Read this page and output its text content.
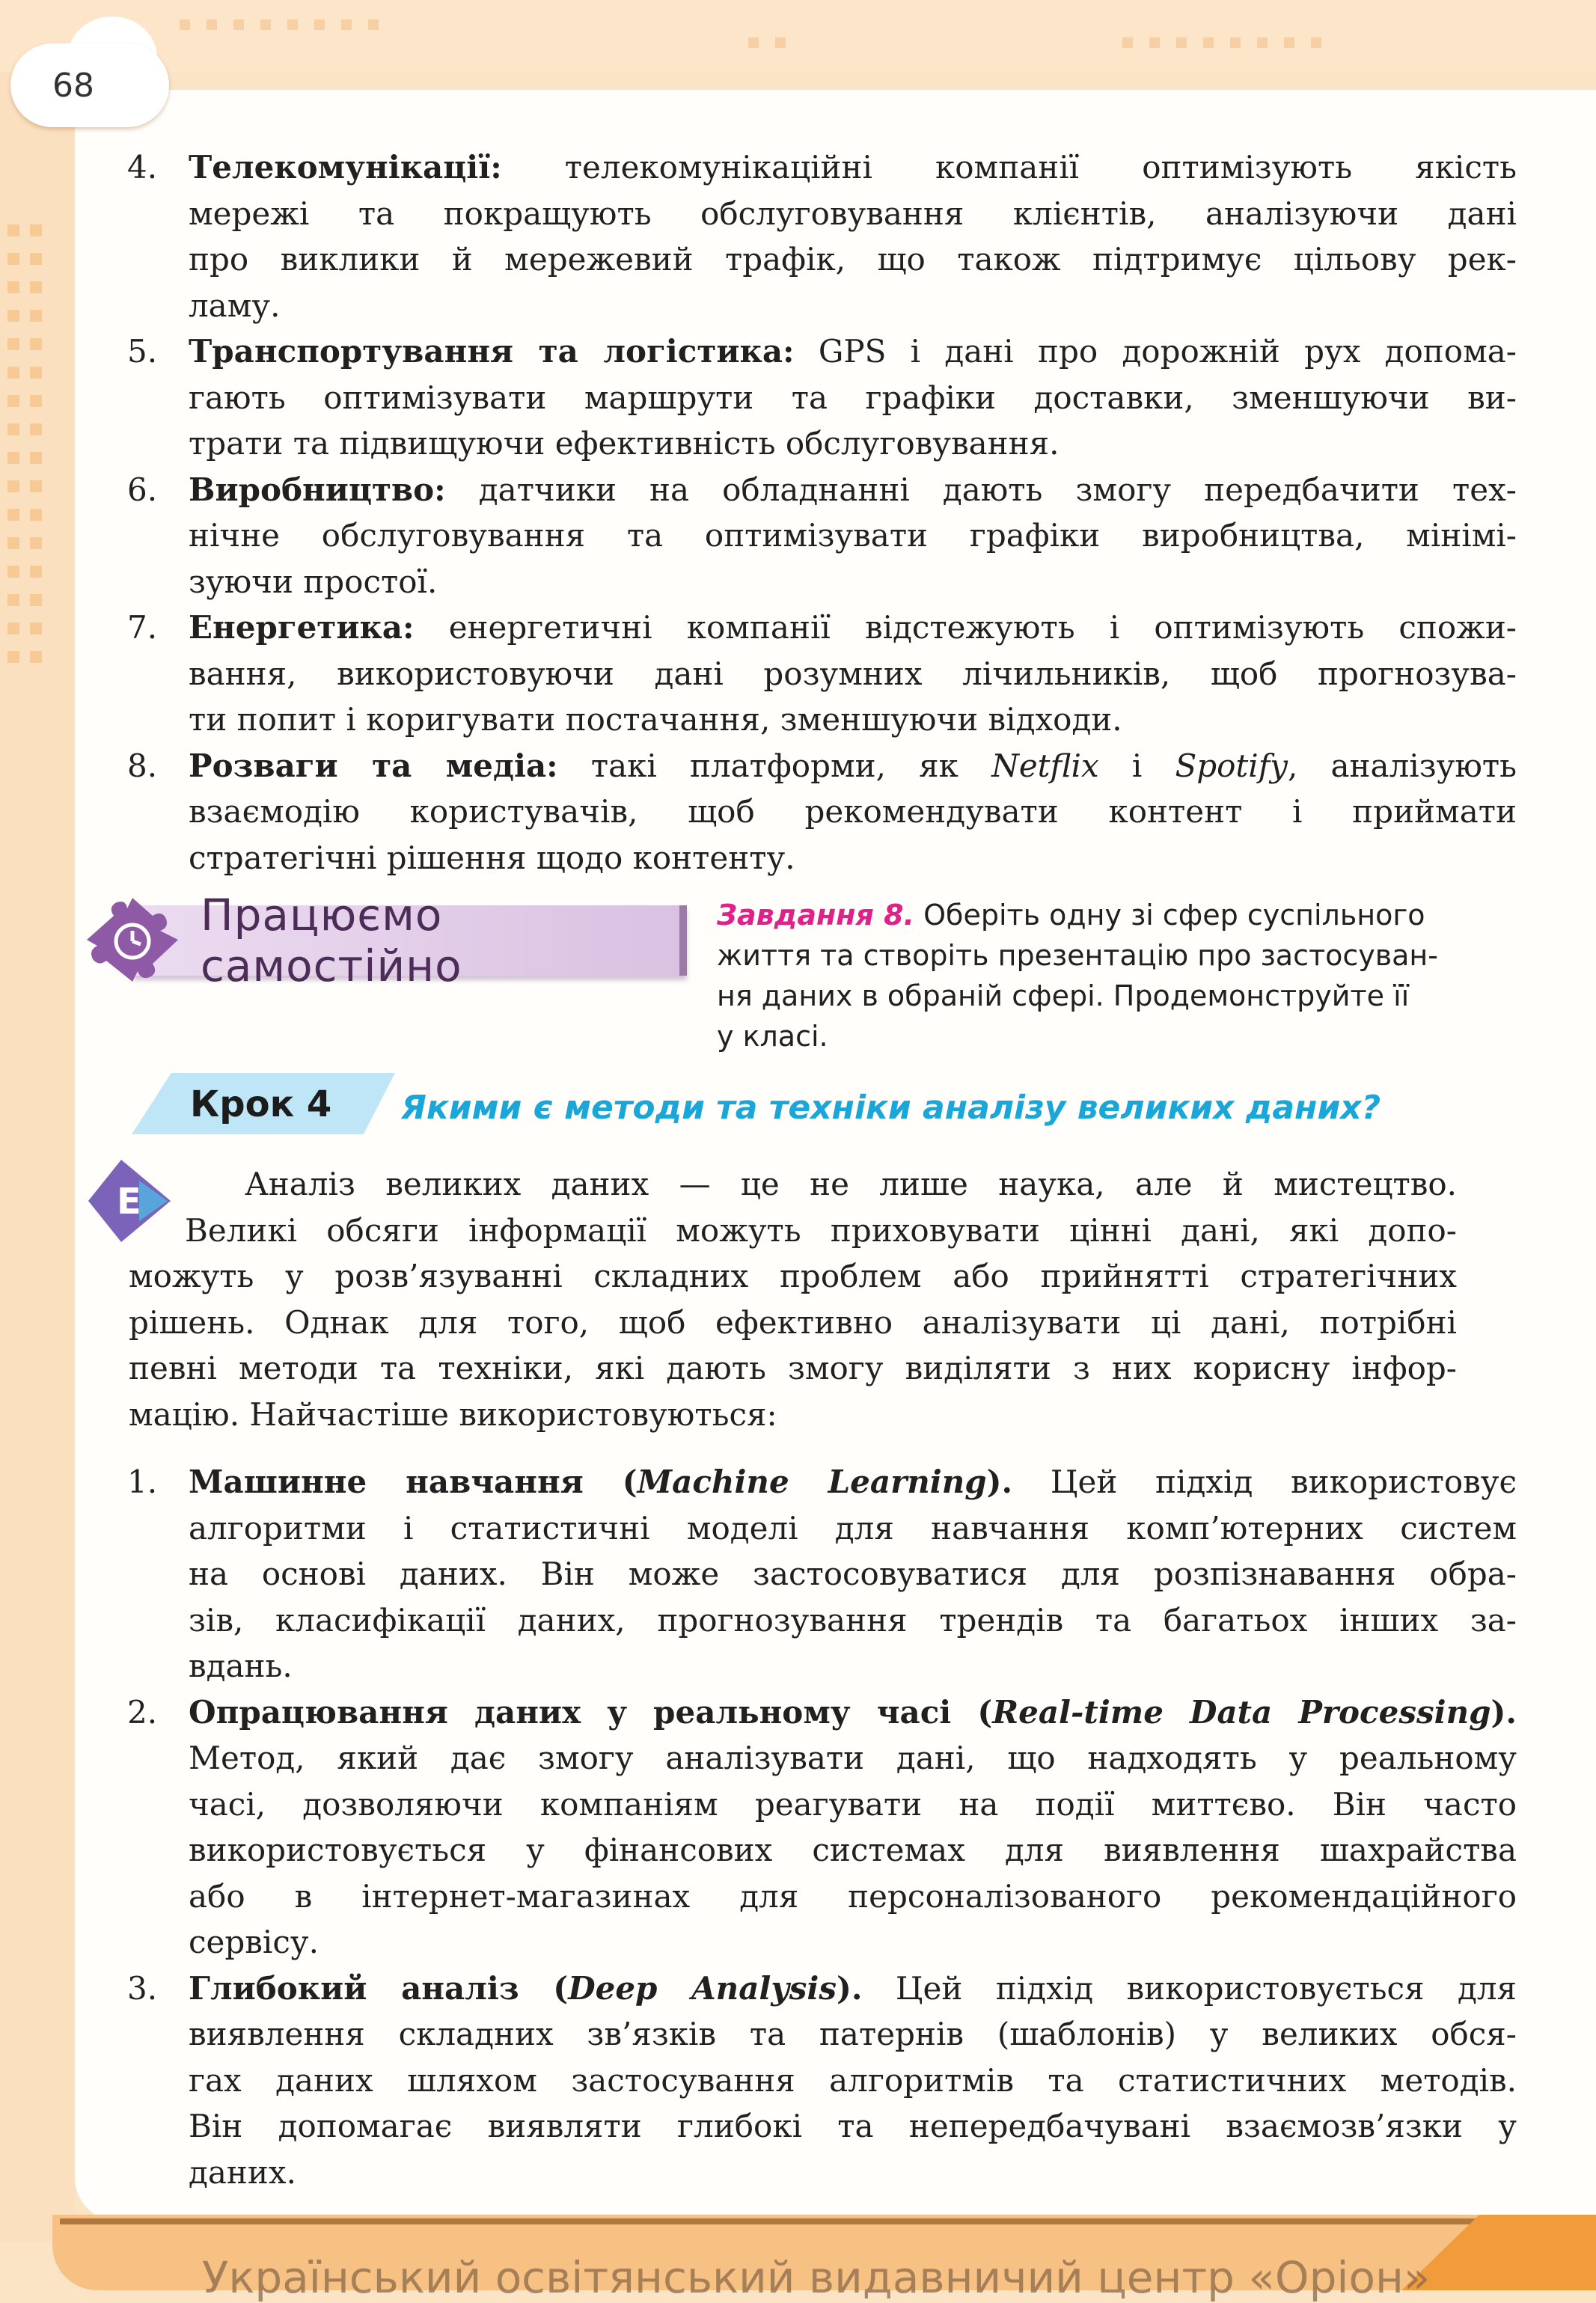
Український освітянський видавничий центр «Оріон»
68
4. Телекомунікації: телекомунікаційні компанії оптимізують якість
мережі та покращують обслуговування клієнтів, аналізуючи дані
про виклики й мережевий трафік, що також підтримує цільову рек-
ламу.
5. Транспортування та логістика: GPS і дані про дорожній рух допома-
гають оптимізувати маршрути та графіки доставки, зменшуючи ви-
трати та підвищуючи ефективність обслуговування.
6. Виробництво: датчики на обладнанні дають змогу передбачити тех-
нічне обслуговування та оптимізувати графіки виробництва, мінімі-
зуючи простої.
7. Енергетика: енергетичні компанії відстежують і оптимізують спожи-
вання, використовуючи дані розумних лічильників, щоб прогнозува-
ти попит і коригувати постачання, зменшуючи відходи.
8. Розваги та медіа: такі платформи, як Netflix і Spotify, аналізують
взаємодію користувачів, щоб рекомендувати контент і приймати
стратегічні рішення щодо контенту.
Працюємо самостійно
Завдання 8. Оберіть одну зі сфер суспільного
життя та створіть презентацію про застосуван-
ня даних в обраній сфері. Продемонструйте її
у класі.
Крок 4 Якими є методи та техніки аналізу великих даних?
E	Аналіз великих даних — це не лише наука, але й мистецтво.
Великі обсяги інформації можуть приховувати цінні дані, які допо-
можуть у розв’язуванні складних проблем або прийнятті стратегічних
рішень. Однак для того, щоб ефективно аналізувати ці дані, потрібні
певні методи та техніки, які дають змогу виділяти з них корисну інфор-
мацію. Найчастіше використовуються:
1. Машинне навчання (Machine Learning). Цей підхід використовує
алгоритми і статистичні моделі для навчання комп’ютерних систем
на основі даних. Він може застосовуватися для розпізнавання обра-
зів, класифікації даних, прогнозування трендів та багатьох інших за-
вдань.
2. Опрацювання даних у реальному часі (Real-time Data Processing).
Метод, який дає змогу аналізувати дані, що надходять у реальному
часі, дозволяючи компаніям реагувати на події миттєво. Він часто
використовується у фінансових системах для виявлення шахрайства
або в інтернет-магазинах для персоналізованого рекомендаційного
сервісу.
3. Глибокий аналіз (Deep Analysis). Цей підхід використовується для
виявлення складних зв’язків та патернів (шаблонів) у великих обся-
гах даних шляхом застосування алгоритмів та статистичних методів.
Він допомагає виявляти глибокі та непередбачувані взаємозв’язки у
даних.
